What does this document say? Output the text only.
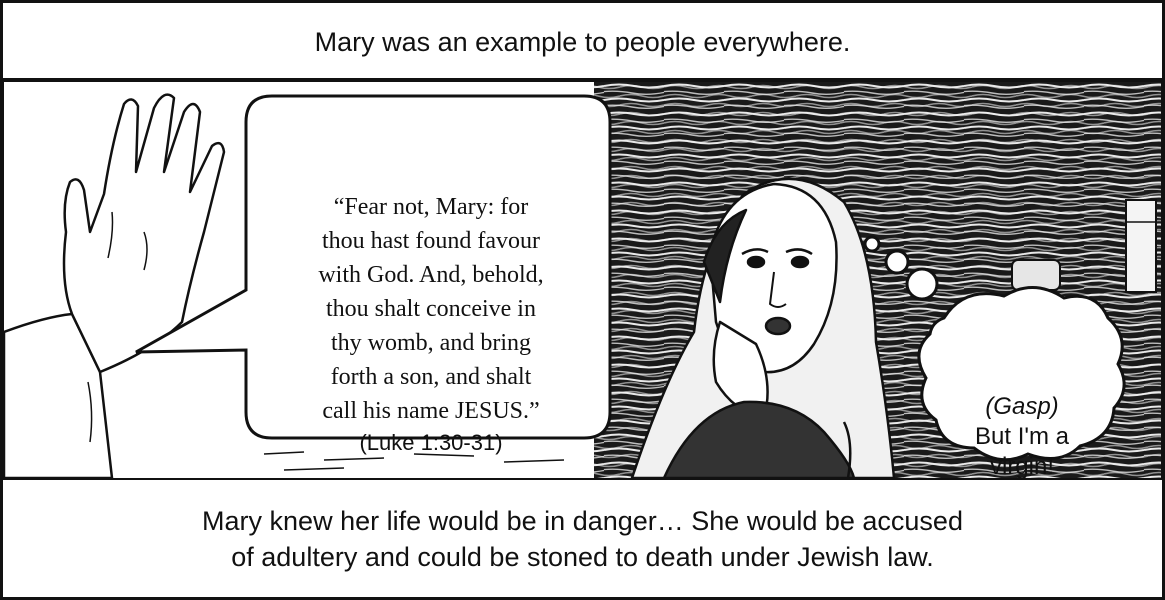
Mary was an example to people everywhere.
“Fear not, Mary: for
thou hast found favour
with God. And, behold,
thou shalt conceive in
thy womb, and bring
forth a son, and shalt
call his name JESUS.”
(Luke 1:30-31)
(Gasp)
But I'm a
virgin!
Mary knew her life would be in danger… She would be accused
of adultery and could be stoned to death under Jewish law.
